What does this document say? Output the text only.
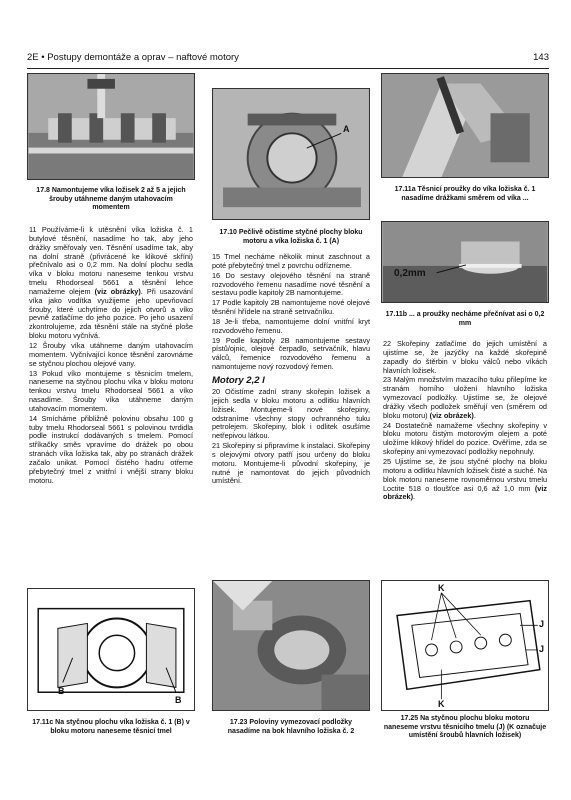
2E • Postupy demontáže a oprav – naftové motory	143
17.8 Namontujeme víka ložisek 2 až 5 a jejich šrouby utáhneme daným utahovacím momentem
A
17.10 Pečlivě očistíme styčné plochy bloku motoru a víka ložiska č. 1 (A)
17.11a Těsnicí proužky do víka ložiska č. 1 nasadíme drážkami směrem od víka ...
0,2mm
17.11b ... a proužky necháme přečnívat asi o 0,2 mm

11 Používáme-li k utěsnění víka ložiska č. 1 butylové těsnění, nasadíme ho tak, aby jeho drážky směřovaly ven. Těsnění usadíme tak, aby na dolní straně (přivrácené ke klikové skříni) přečnívalo asi o 0,2 mm. Na dolní plochu sedla víka v bloku motoru naneseme tenkou vrstvu tmelu Rhodorseal 5661 a těsnění lehce namažeme olejem (viz obrázky). Při usazování víka jako vodítka využijeme jeho upevňovací šrouby, které uchytíme do jejich otvorů a víko pevně zatlačíme do jeho pozice. Po jeho usazení zkontrolujeme, zda těsnění stále na styčné ploše bloku motoru vyčnívá.

12 Šrouby víka utáhneme daným utahovacím momentem. Vyčnívající konce těsnění zarovnáme se styčnou plochou olejové vany.

13 Pokud víko montujeme s těsnicím tmelem, naneseme na styčnou plochu víka v bloku motoru tenkou vrstvu tmelu Rhodorseal 5661 a víko nasadíme. Šrouby víka utáhneme daným utahovacím momentem.

14 Smícháme přibližně polovinu obsahu 100 g tuby tmelu Rhodorseal 5661 s polovinou tvrdidla podle instrukcí dodávaných s tmelem. Pomocí stříkačky směs vpravíme do drážek po obou stranách víka ložiska tak, aby po stranách drážek začalo unikat. Pomocí čistého hadru otřeme přebytečný tmel z vnitřní i vnější strany bloku motoru.

15 Tmel necháme několik minut zaschnout a poté přebytečný tmel z povrchu odřízneme.

16 Do sestavy olejového těsnění na straně rozvodového řemenu nasadíme nové těsnění a sestavu podle kapitoly 2B namontujeme.

17 Podle kapitoly 2B namontujeme nové olejové těsnění hřídele na straně setrvačníku.

18 Je-li třeba, namontujeme dolní vnitřní kryt rozvodového řemenu.

19 Podle kapitoly 2B namontujeme sestavy pístů/ojnic, olejové čerpadlo, setrvačník, hlavu válců, řemenice rozvodového řemenu a namontujeme nový rozvodový řemen.

Motory 2,2 l

20 Očistíme zadní strany skořepin ložisek a jejich sedla v bloku motoru a odlitku hlavních ložisek. Montujeme-li nové skořepiny, odstraníme všechny stopy ochranného tuku petrolejem. Skořepiny, blok i odlitek osušíme netřepivou látkou.

21 Skořepiny si připravíme k instalaci. Skořepiny s olejovými otvory patří jsou určeny do bloku motoru. Montujeme-li původní skořepiny, je nutné je namontovat do jejich původních umístění.

22 Skořepiny zatlačíme do jejich umístění a ujistíme se, že jazýčky na každé skořepině zapadly do štěrbin v bloku válců nebo víkách hlavních ložisek.

23 Malým množstvím mazacího tuku přilepíme ke stranám horního uložení hlavního ložiska vymezovací podložky. Ujistíme se, že olejové drážky všech podložek směřují ven (směrem od bloku motoru) (viz obrázek).

24 Dostatečně namažeme všechny skořepiny v bloku motoru čistým motorovým olejem a poté uložíme klikový hřídel do pozice. Ověříme, zda se skořepiny ani vymezovací podložky nepohnuly.

25 Ujistíme se, že jsou styčné plochy na bloku motoru a odlitku hlavních ložisek čisté a suché. Na blok motoru naneseme rovnoměrnou vrstvu tmelu Loctite 518 o tloušťce asi 0,6 až 1,0 mm (viz obrázek).

B
B
17.11c Na styčnou plochu víka ložiska č. 1 (B) v bloku motoru naneseme těsnicí tmel
17.23 Poloviny vymezovací podložky nasadíme na bok hlavního ložiska č. 2
K
K
J
J
17.25 Na styčnou plochu bloku motoru naneseme vrstvu těsnicího tmelu (J) (K označuje umístění šroubů hlavních ložisek)
